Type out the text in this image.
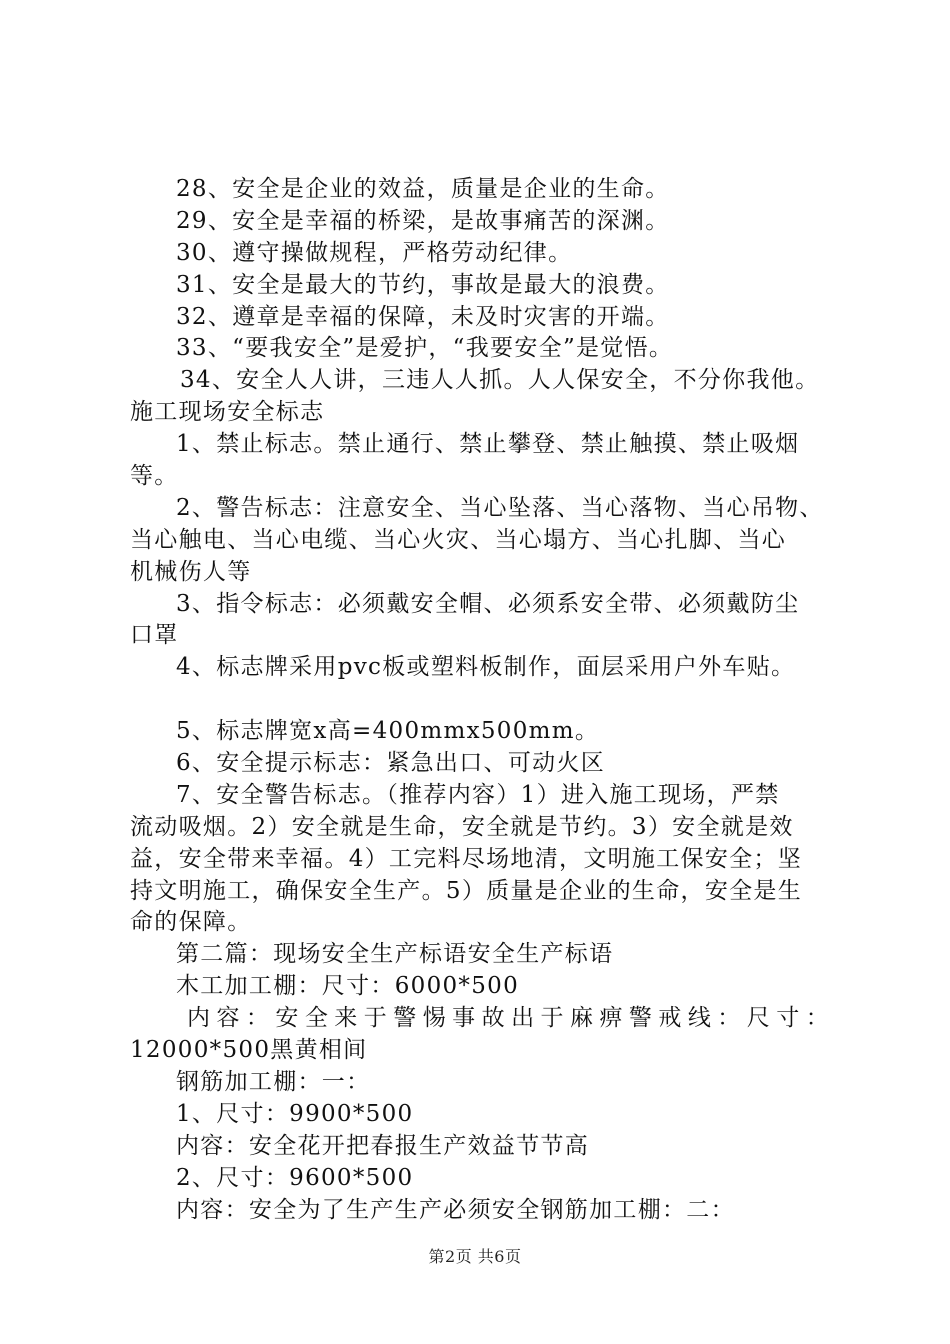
28、安全是企业的效益，质量是企业的生命。
29、安全是幸福的桥梁，是故事痛苦的深渊。
30、遵守操做规程，严格劳动纪律。
31、安全是最大的节约，事故是最大的浪费。
32、遵章是幸福的保障，未及时灾害的开端。
33、“要我安全”是爱护，“我要安全”是觉悟。
34、安全人人讲，三违人人抓。人人保安全，不分你我他。
施工现场安全标志
1、禁止标志。禁止通行、禁止攀登、禁止触摸、禁止吸烟
等。
2、警告标志：注意安全、当心坠落、当心落物、当心吊物、
当心触电、当心电缆、当心火灾、当心塌方、当心扎脚、当心
机械伤人等
3、指令标志：必须戴安全帽、必须系安全带、必须戴防尘
口罩
4、标志牌采用pvc板或塑料板制作，面层采用户外车贴。
5、标志牌宽x高=400mmx500mm。
6、安全提示标志：紧急出口、可动火区
7、安全警告标志。（推荐内容）1）进入施工现场，严禁
流动吸烟。2）安全就是生命，安全就是节约。3）安全就是效
益，安全带来幸福。4）工完料尽场地清，文明施工保安全；坚
持文明施工，确保安全生产。5）质量是企业的生命，安全是生
命的保障。
第二篇：现场安全生产标语安全生产标语
木工加工棚：尺寸：6000*500
内容：安全来于警惕事故出于麻痹警戒线：尺寸：
12000*500黑黄相间
钢筋加工棚：一：
1、尺寸：9900*500
内容：安全花开把春报生产效益节节高
2、尺寸：9600*500
内容：安全为了生产生产必须安全钢筋加工棚：二：
第2页 共6页
